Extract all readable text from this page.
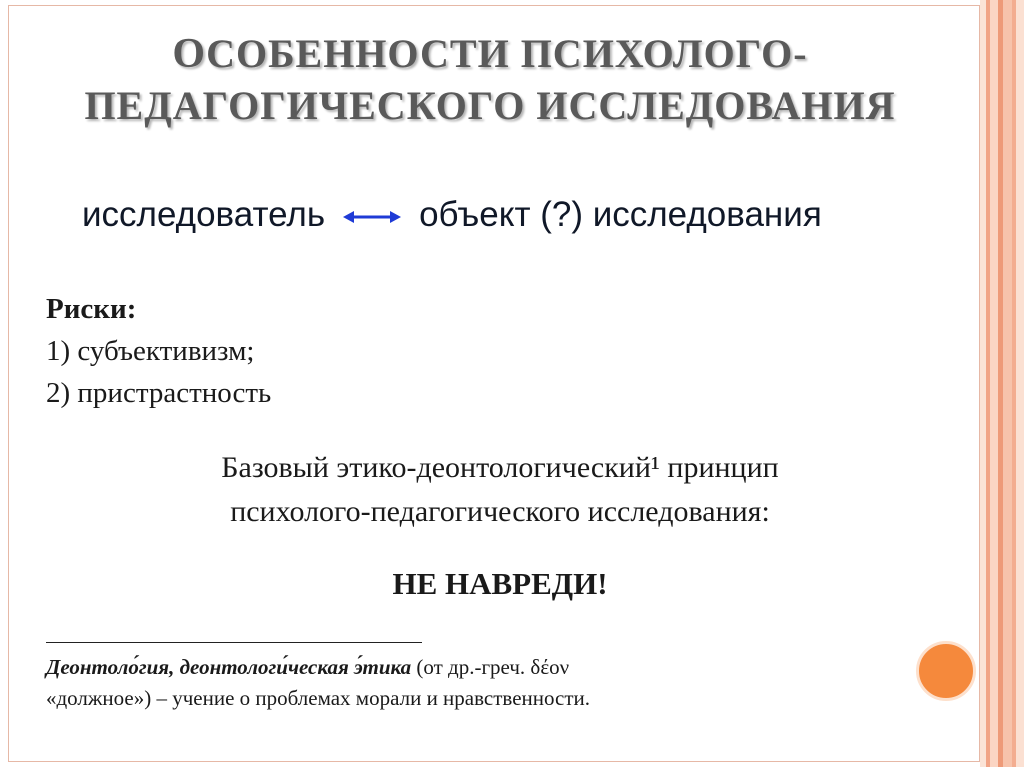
ОСОБЕННОСТИ ПСИХОЛОГО-
ПЕДАГОГИЧЕСКОГО ИССЛЕДОВАНИЯ
исследователь	объект (?) исследования
Риски:
1) субъективизм;
2) пристрастность
Базовый этико-деонтологический¹ принцип
психолого-педагогического исследования:
НЕ НАВРЕДИ!
Деонтоло́гия, деонтологи́ческая э́тика (от др.-греч. δέον
«должное») – учение о проблемах морали и нравственности.
